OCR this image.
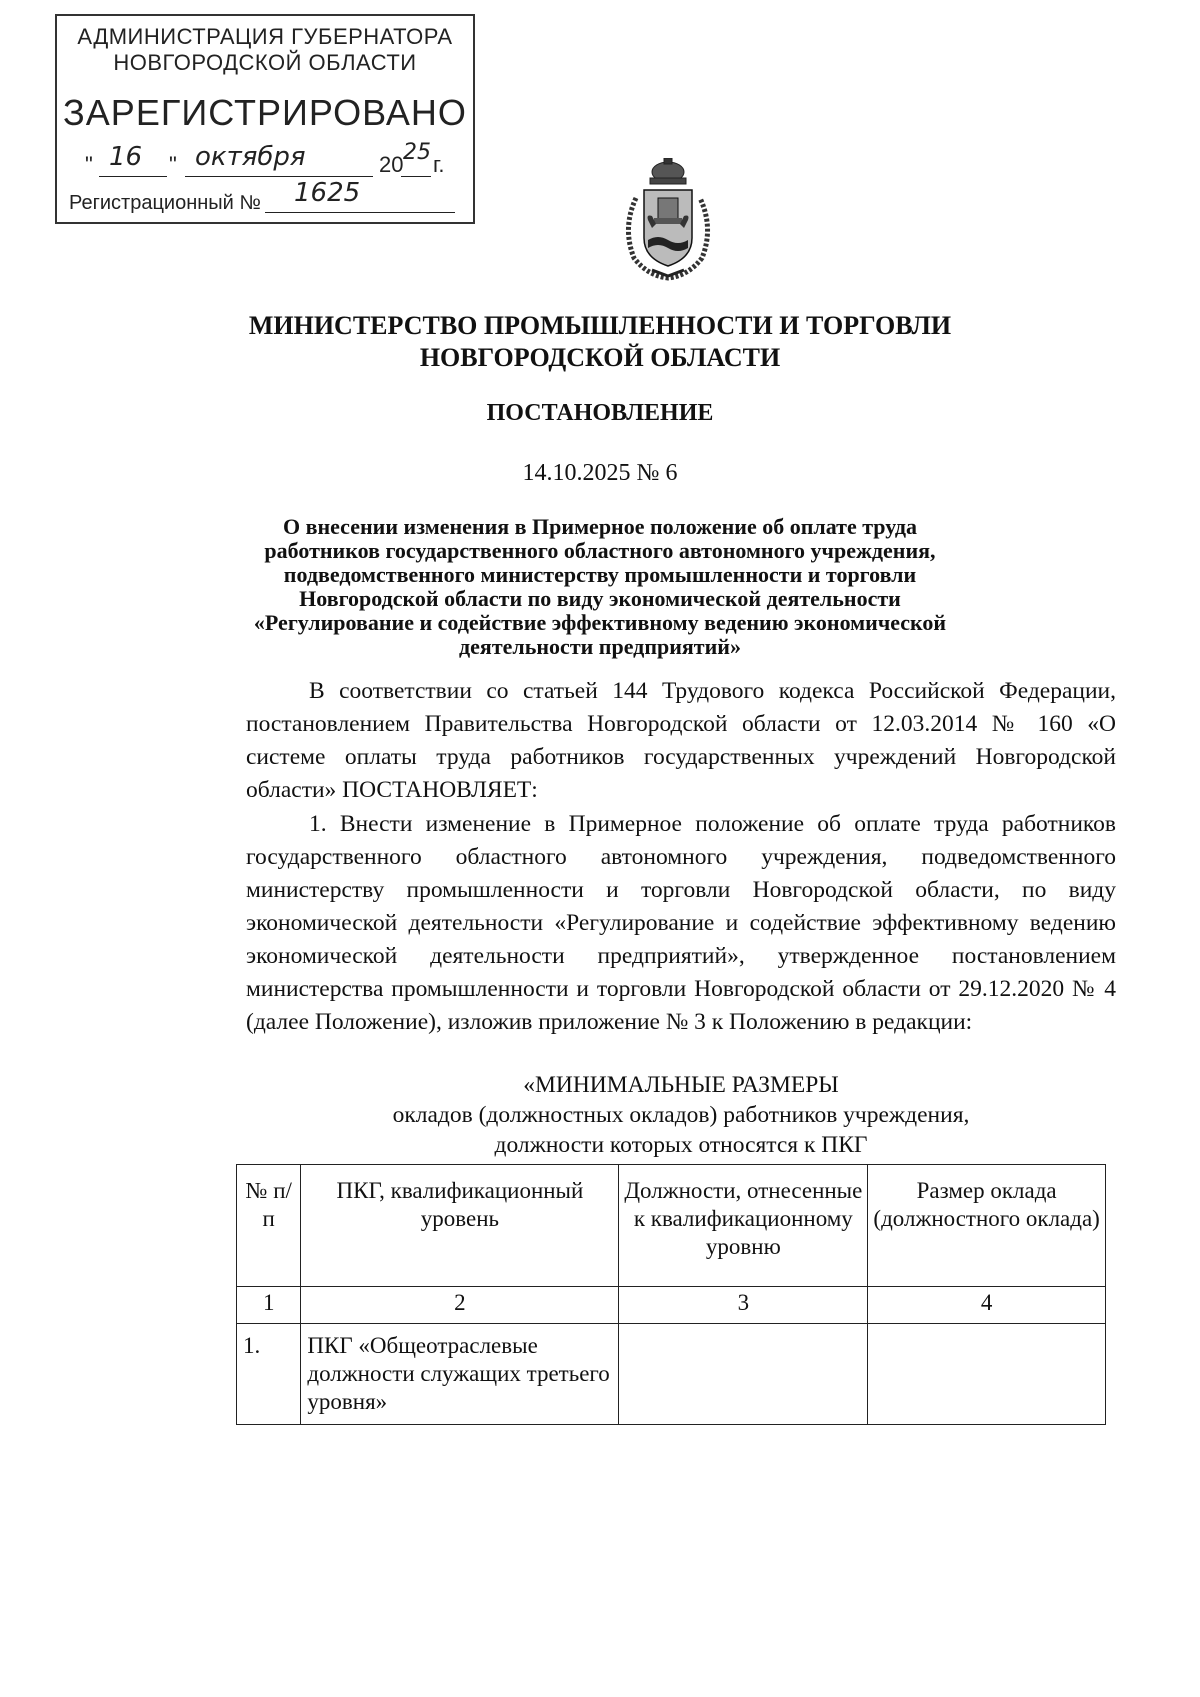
АДМИНИСТРАЦИЯ ГУБЕРНАТОРА
НОВГОРОДСКОЙ ОБЛАСТИ
ЗАРЕГИСТРИРОВАНО
" 16 " октября	20 25 г.
Регистрационный № 1625
МИНИСТЕРСТВО ПРОМЫШЛЕННОСТИ И ТОРГОВЛИ
НОВГОРОДСКОЙ ОБЛАСТИ
ПОСТАНОВЛЕНИЕ
14.10.2025 № 6
О внесении изменения в Примерное положение об оплате труда
работников государственного областного автономного учреждения,
подведомственного министерству промышленности и торговли
Новгородской области по виду экономической деятельности
«Регулирование и содействие эффективному ведению экономической
деятельности предприятий»
В соответствии со статьей 144 Трудового кодекса Российской Федерации, постановлением Правительства Новгородской области от 12.03.2014 № 160 «О системе оплаты труда работников государственных учреждений Новгородской области» ПОСТАНОВЛЯЕТ:
1. Внести изменение в Примерное положение об оплате труда работников государственного областного автономного учреждения, подведомственного министерству промышленности и торговли Новгородской области, по виду экономической деятельности «Регулирование и содействие эффективному ведению экономической деятельности предприятий», утвержденное постановлением министерства промышленности и торговли Новгородской области от 29.12.2020 № 4 (далее Положение), изложив приложение № 3 к Положению в редакции:
«МИНИМАЛЬНЫЕ РАЗМЕРЫ
окладов (должностных окладов) работников учреждения,
должности которых относятся к ПКГ
№ п/п	ПКГ, квалификационный уровень	Должности, отнесенные к квалификационному уровню	Размер оклада (должностного оклада)
1	2	3	4
1.	ПКГ «Общеотраслевые должности служащих третьего уровня»		
